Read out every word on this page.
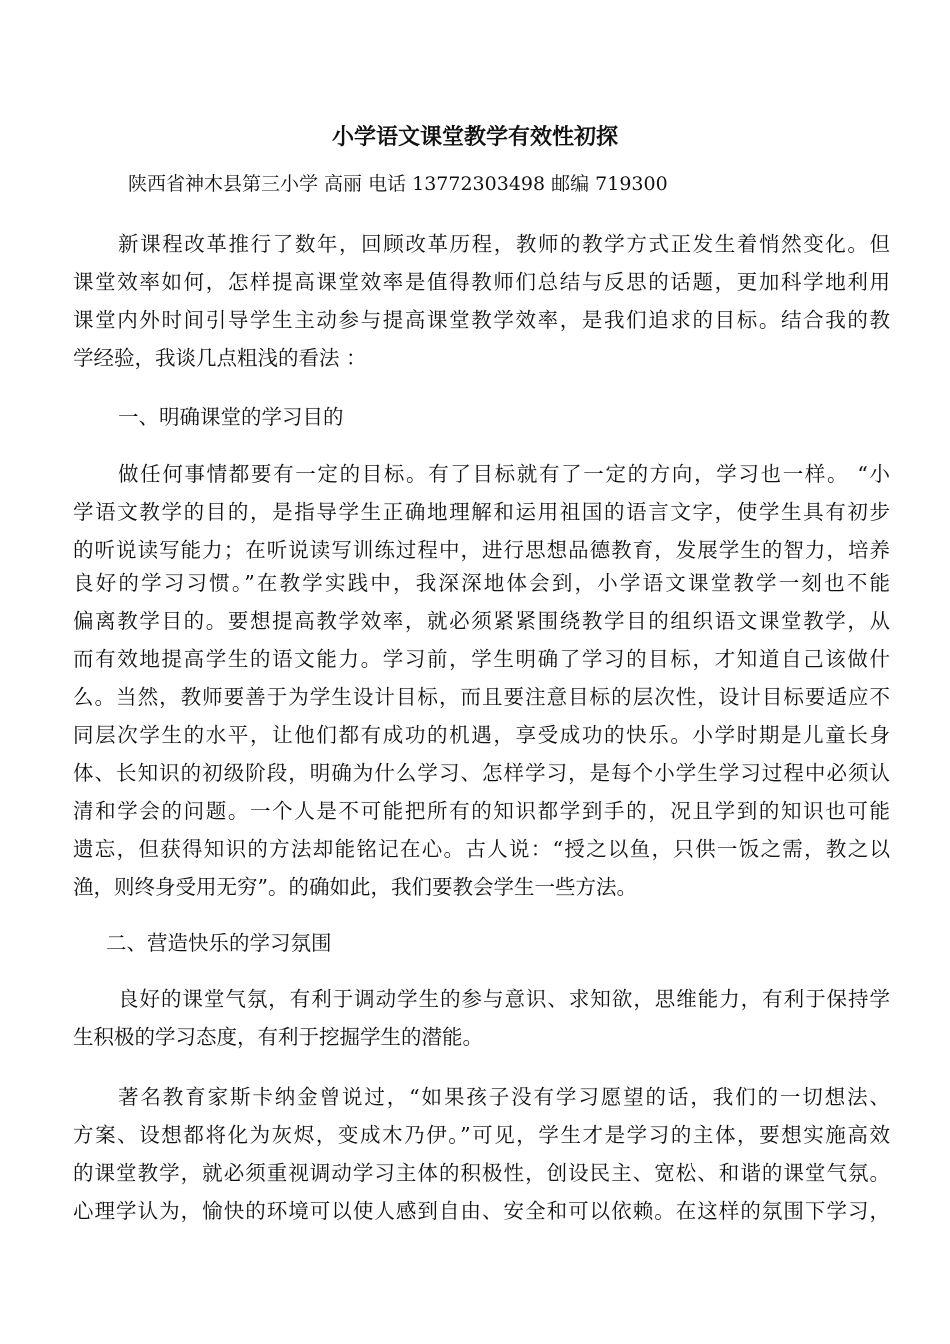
小学语文课堂教学有效性初探

陕西省神木县第三小学 高丽 电话 13772303498 邮编 719300

新课程改革推行了数年，回顾改革历程，教师的教学方式正发生着悄然变化。但

课堂效率如何，怎样提高课堂效率是值得教师们总结与反思的话题，更加科学地利用

课堂内外时间引导学生主动参与提高课堂教学效率，是我们追求的目标。结合我的教

学经验，我谈几点粗浅的看法 ：

一、明确课堂的学习目的

做任何事情都要有一定的目标。有了目标就有了一定的方向，学习也一样。 “小

学语文教学的目的，是指导学生正确地理解和运用祖国的语言文字，使学生具有初步

的听说读写能力；在听说读写训练过程中，进行思想品德教育，发展学生的智力，培养

良好的学习习惯。”在教学实践中，我深深地体会到，小学语文课堂教学一刻也不能

偏离教学目的。要想提高教学效率，就必须紧紧围绕教学目的组织语文课堂教学，从

而有效地提高学生的语文能力。学习前，学生明确了学习的目标，才知道自己该做什

么。当然，教师要善于为学生设计目标，而且要注意目标的层次性，设计目标要适应不

同层次学生的水平，让他们都有成功的机遇，享受成功的快乐。小学时期是儿童长身

体、长知识的初级阶段，明确为什么学习、怎样学习，是每个小学生学习过程中必须认

清和学会的问题。一个人是不可能把所有的知识都学到手的，况且学到的知识也可能

遗忘，但获得知识的方法却能铭记在心。古人说：“授之以鱼，只供一饭之需，教之以

渔，则终身受用无穷”。的确如此，我们要教会学生一些方法。

二、营造快乐的学习氛围

良好的课堂气氛，有利于调动学生的参与意识、求知欲，思维能力，有利于保持学

生积极的学习态度，有利于挖掘学生的潜能。

著名教育家斯卡纳金曾说过，“如果孩子没有学习愿望的话，我们的一切想法、

方案、设想都将化为灰烬，变成木乃伊。”可见，学生才是学习的主体，要想实施高效

的课堂教学，就必须重视调动学习主体的积极性，创设民主、宽松、和谐的课堂气氛。

心理学认为，愉快的环境可以使人感到自由、安全和可以依赖。在这样的氛围下学习，
